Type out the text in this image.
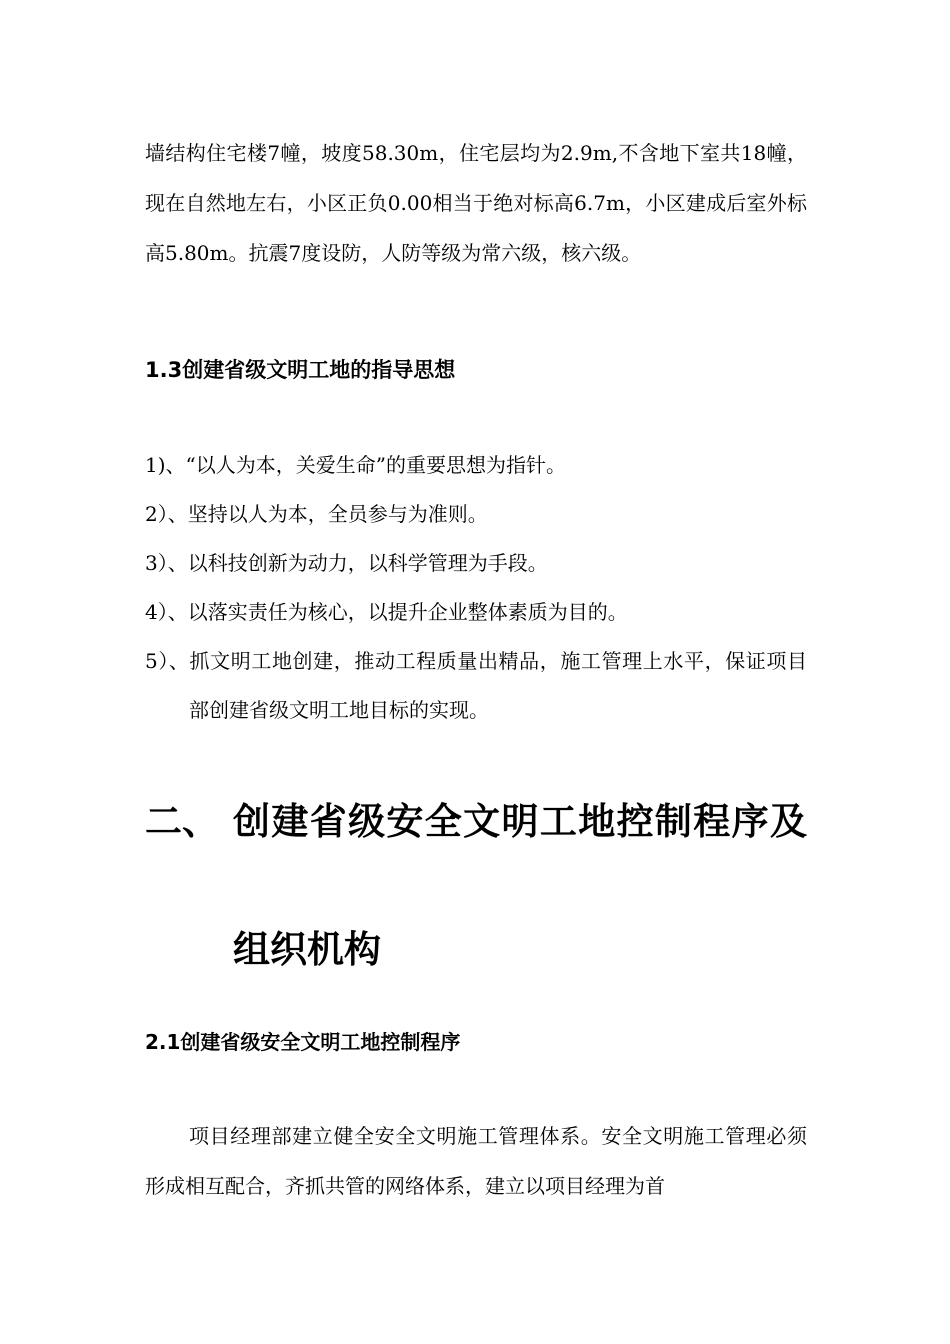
墙结构住宅楼7幢，坡度58.30m，住宅层均为2.9m,不含地下室共18幢，现在自然地左右，小区正负0.00相当于绝对标高6.7m，小区建成后室外标高5.80m。抗震7度设防，人防等级为常六级，核六级。

1.3创建省级文明工地的指导思想
1)、“以人为本，关爱生命”的重要思想为指针。
2）、坚持以人为本，全员参与为准则。
3）、以科技创新为动力，以科学管理为手段。
4）、以落实责任为核心，以提升企业整体素质为目的。
5）、抓文明工地创建，推动工程质量出精品，施工管理上水平，保证项目部创建省级文明工地目标的实现。
二、 创建省级安全文明工地控制程序及组织机构
2.1创建省级安全文明工地控制程序

项目经理部建立健全安全文明施工管理体系。安全文明施工管理必须形成相互配合，齐抓共管的网络体系，建立以项目经理为首
